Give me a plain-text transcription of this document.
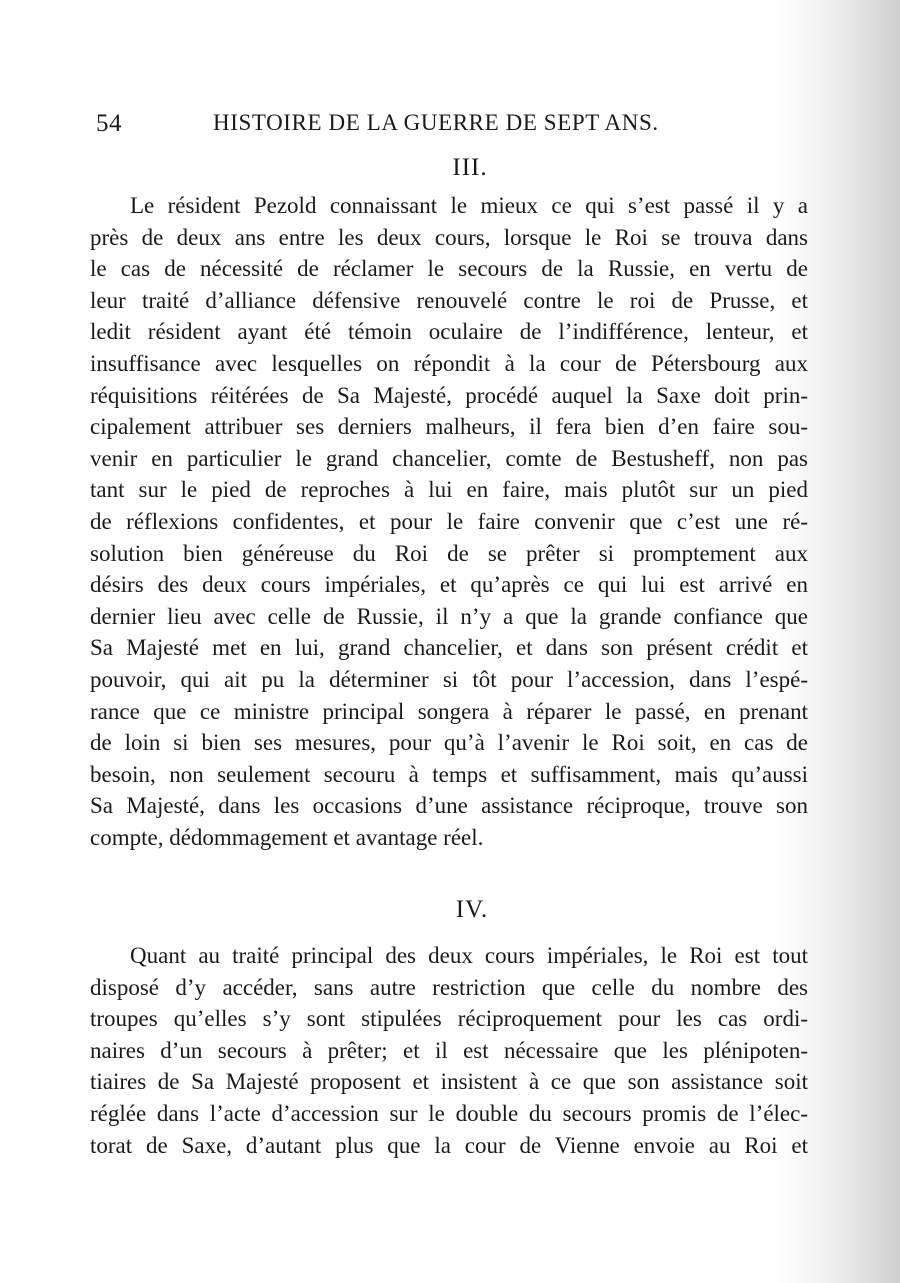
54	HISTOIRE DE LA GUERRE DE SEPT ANS.
III.
Le résident Pezold connaissant le mieux ce qui s’est passé il y a
près de deux ans entre les deux cours, lorsque le Roi se trouva dans
le cas de nécessité de réclamer le secours de la Russie, en vertu de
leur traité d’alliance défensive renouvelé contre le roi de Prusse, et
ledit résident ayant été témoin oculaire de l’indifférence, lenteur, et
insuffisance avec lesquelles on répondit à la cour de Pétersbourg aux
réquisitions réitérées de Sa Majesté, procédé auquel la Saxe doit prin-
cipalement attribuer ses derniers malheurs, il fera bien d’en faire sou-
venir en particulier le grand chancelier, comte de Bestusheff, non pas
tant sur le pied de reproches à lui en faire, mais plutôt sur un pied
de réflexions confidentes, et pour le faire convenir que c’est une ré-
solution bien généreuse du Roi de se prêter si promptement aux
désirs des deux cours impériales, et qu’après ce qui lui est arrivé en
dernier lieu avec celle de Russie, il n’y a que la grande confiance que
Sa Majesté met en lui, grand chancelier, et dans son présent crédit et
pouvoir, qui ait pu la déterminer si tôt pour l’accession, dans l’espé-
rance que ce ministre principal songera à réparer le passé, en prenant
de loin si bien ses mesures, pour qu’à l’avenir le Roi soit, en cas de
besoin, non seulement secouru à temps et suffisamment, mais qu’aussi
Sa Majesté, dans les occasions d’une assistance réciproque, trouve son
compte, dédommagement et avantage réel.
IV.
Quant au traité principal des deux cours impériales, le Roi est tout
disposé d’y accéder, sans autre restriction que celle du nombre des
troupes qu’elles s’y sont stipulées réciproquement pour les cas ordi-
naires d’un secours à prêter; et il est nécessaire que les plénipoten-
tiaires de Sa Majesté proposent et insistent à ce que son assistance soit
réglée dans l’acte d’accession sur le double du secours promis de l’élec-
torat de Saxe, d’autant plus que la cour de Vienne envoie au Roi et
